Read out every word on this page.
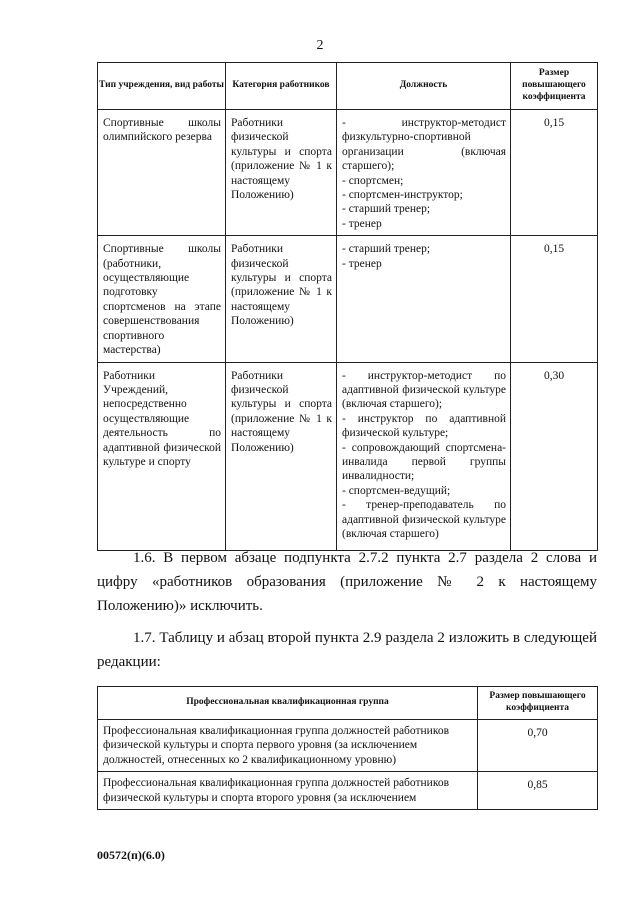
2
Тип учреждения, вид работы	Категория работников	Должность	Размер повышающего коэффициента
Спортивные школы олимпийского резерва	Работники физической культуры и спорта (приложение № 1 к настоящему Положению)	- инструктор-методист физкультурно-спортивной организации (включая старшего);
- спортсмен;
- спортсмен-инструктор;
- старший тренер;
- тренер	0,15
Спортивные школы (работники, осуществляющие подготовку спортсменов на этапе совершенствования спортивного мастерства)	Работники физической культуры и спорта (приложение № 1 к настоящему Положению)	- старший тренер;
- тренер	0,15
Работники Учреждений, непосредственно осуществляющие деятельность по адаптивной физической культуре и спорту	Работники физической культуры и спорта (приложение № 1 к настоящему Положению)	- инструктор-методист по адаптивной физической культуре (включая старшего);
- инструктор по адаптивной физической культуре;
- сопровождающий спортсмена-инвалида первой группы инвалидности;
- спортсмен-ведущий;
- тренер-преподаватель по адаптивной физической культуре (включая старшего)	0,30
1.6. В первом абзаце подпункта 2.7.2 пункта 2.7 раздела 2 слова и цифру «работников образования (приложение № 2 к настоящему Положению)» исключить.
1.7. Таблицу и абзац второй пункта 2.9 раздела 2 изложить в следующей редакции:
Профессиональная квалификационная группа	Размер повышающего коэффициента
Профессиональная квалификационная группа должностей работников физической культуры и спорта первого уровня (за исключением должностей, отнесенных ко 2 квалификационному уровню)	0,70
Профессиональная квалификационная группа должностей работников физической культуры и спорта второго уровня (за исключением	0,85
00572(п)(6.0)
